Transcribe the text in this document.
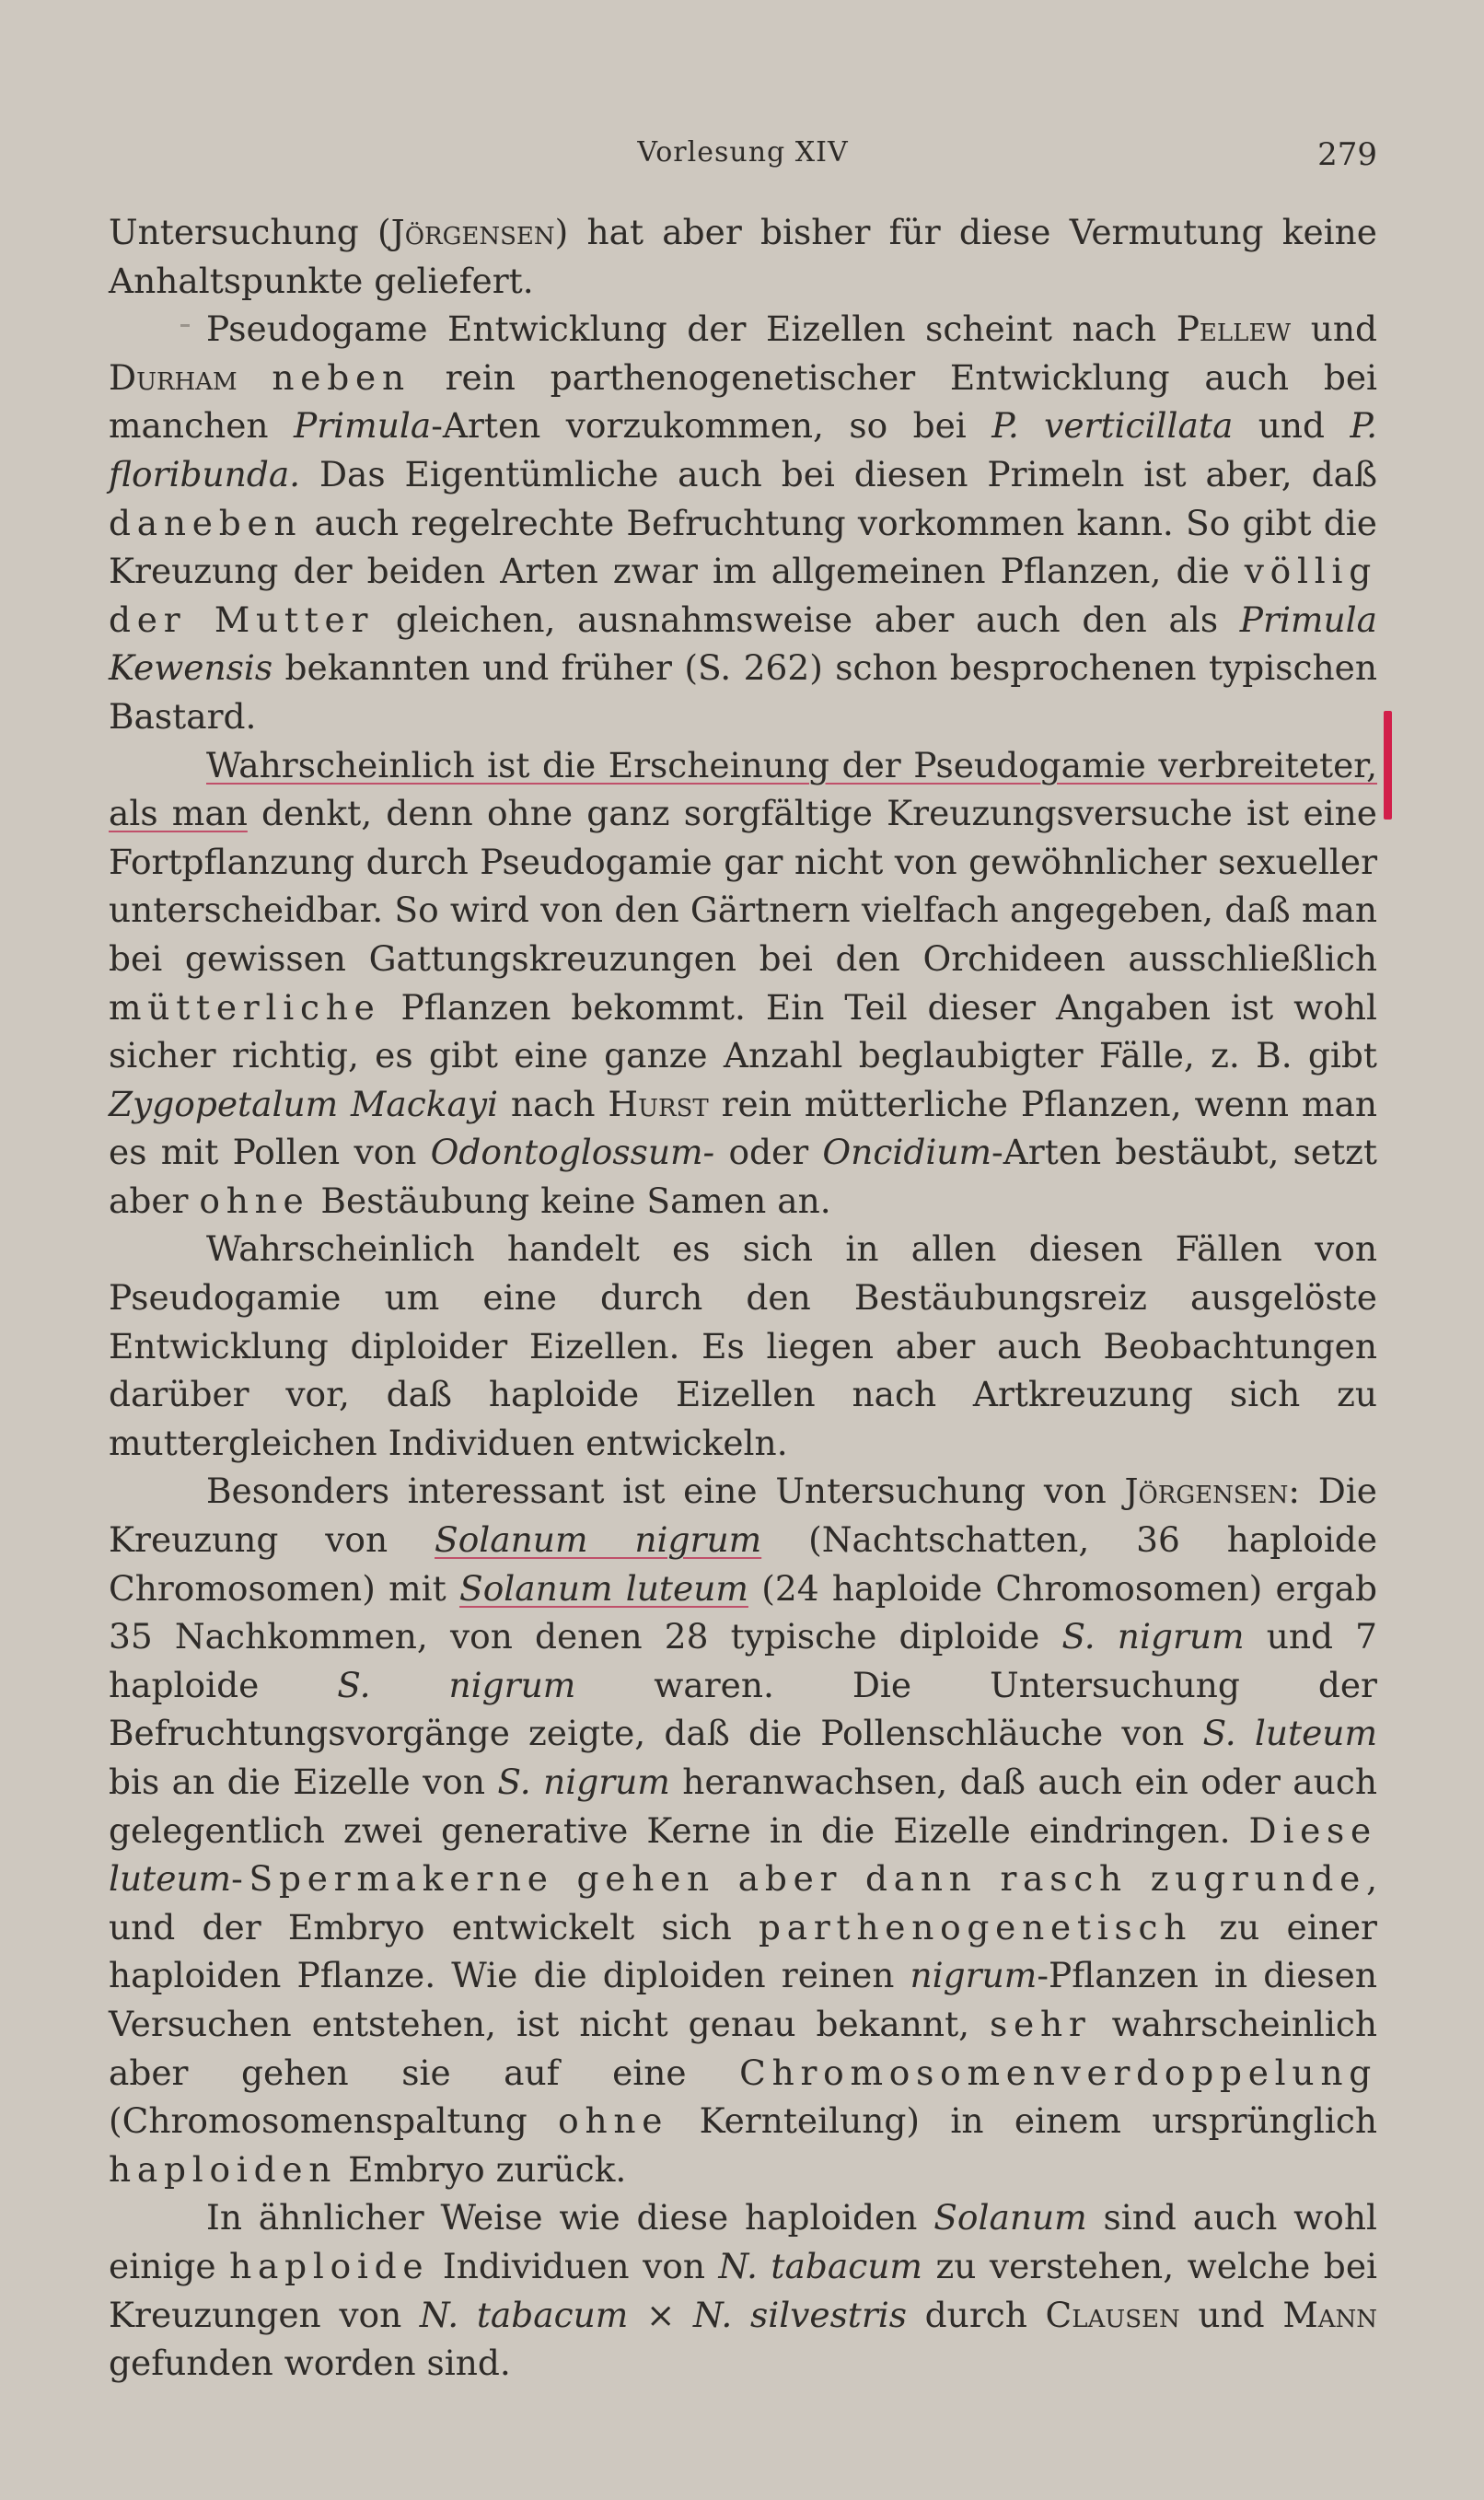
Vorlesung XIV	279

Untersuchung (Jörgensen) hat aber bisher für diese Vermutung keine Anhaltspunkte geliefert.

Pseudogame Entwicklung der Eizellen scheint nach Pellew und Durham neben rein parthenogenetischer Entwicklung auch bei manchen Primula-Arten vorzukommen, so bei P. verticillata und P. floribunda. Das Eigentümliche auch bei diesen Primeln ist aber, daß daneben auch regelrechte Befruchtung vorkommen kann. So gibt die Kreuzung der beiden Arten zwar im allgemeinen Pflanzen, die völlig der Mutter gleichen, ausnahmsweise aber auch den als Primula Kewensis bekannten und früher (S. 262) schon besprochenen typischen Bastard.

Wahrscheinlich ist die Erscheinung der Pseudogamie verbreiteter, als man denkt, denn ohne ganz sorgfältige Kreuzungsversuche ist eine Fortpflanzung durch Pseudogamie gar nicht von gewöhnlicher sexueller unterscheidbar. So wird von den Gärtnern vielfach angegeben, daß man bei gewissen Gattungskreuzungen bei den Orchideen ausschließlich mütterliche Pflanzen bekommt. Ein Teil dieser Angaben ist wohl sicher richtig, es gibt eine ganze Anzahl beglaubigter Fälle, z. B. gibt Zygopetalum Mackayi nach Hurst rein mütterliche Pflanzen, wenn man es mit Pollen von Odontoglossum- oder Oncidium-Arten bestäubt, setzt aber ohne Bestäubung keine Samen an.

Wahrscheinlich handelt es sich in allen diesen Fällen von Pseudogamie um eine durch den Bestäubungsreiz ausgelöste Entwicklung diploider Eizellen. Es liegen aber auch Beobachtungen darüber vor, daß haploide Eizellen nach Artkreuzung sich zu muttergleichen Individuen entwickeln.

Besonders interessant ist eine Untersuchung von Jörgensen: Die Kreuzung von Solanum nigrum (Nachtschatten, 36 haploide Chromosomen) mit Solanum luteum (24 haploide Chromosomen) ergab 35 Nachkommen, von denen 28 typische diploide S. nigrum und 7 haploide S. nigrum waren. Die Untersuchung der Befruchtungsvorgänge zeigte, daß die Pollenschläuche von S. luteum bis an die Eizelle von S. nigrum heranwachsen, daß auch ein oder auch gelegentlich zwei generative Kerne in die Eizelle eindringen. Diese luteum-Spermakerne gehen aber dann rasch zugrunde, und der Embryo entwickelt sich parthenogenetisch zu einer haploiden Pflanze. Wie die diploiden reinen nigrum-Pflanzen in diesen Versuchen entstehen, ist nicht genau bekannt, sehr wahrscheinlich aber gehen sie auf eine Chromosomenverdoppelung (Chromosomenspaltung ohne Kernteilung) in einem ursprünglich haploiden Embryo zurück.

In ähnlicher Weise wie diese haploiden Solanum sind auch wohl einige haploide Individuen von N. tabacum zu verstehen, welche bei Kreuzungen von N. tabacum × N. silvestris durch Clausen und Mann gefunden worden sind.
